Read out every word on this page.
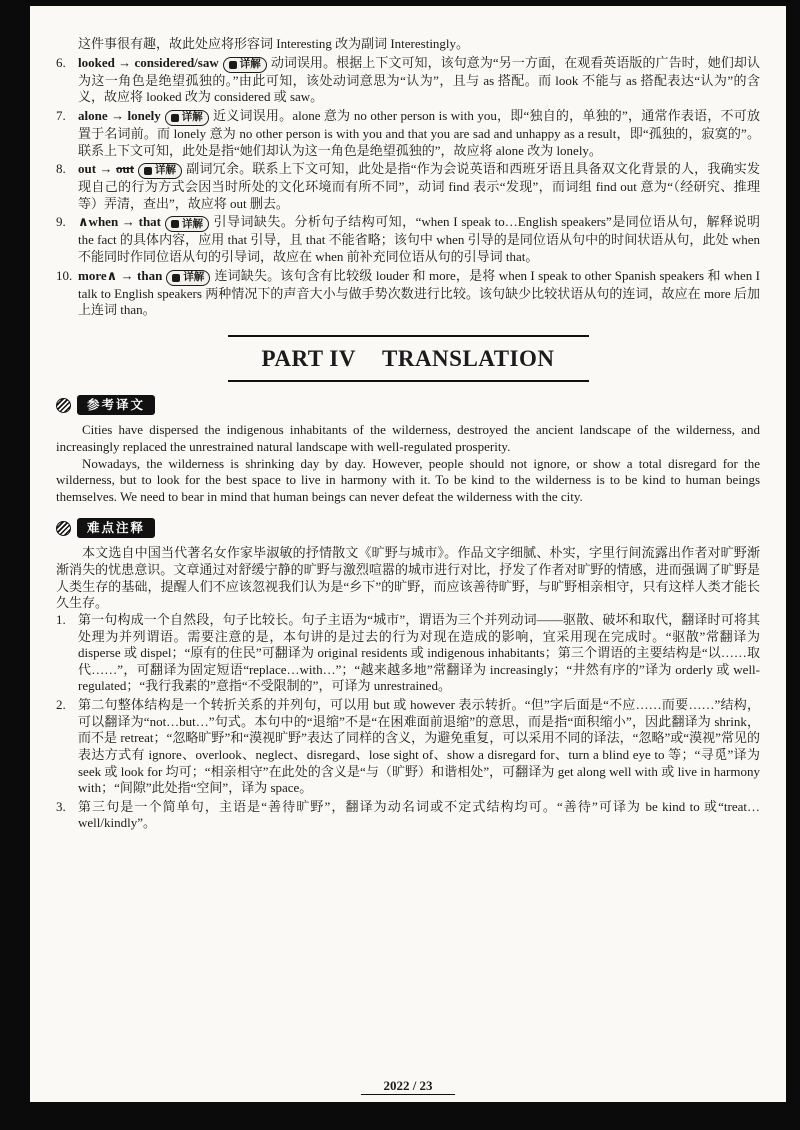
这件事很有趣，故此处应将形容词 Interesting 改为副词 Interestingly。

6. looked → considered/saw 详解 动词误用。根据上下文可知，该句意为“另一方面，在观看英语版的广告时，她们却认为这一角色是绝望孤独的。”由此可知，该处动词意思为“认为”，且与 as 搭配。而 look 不能与 as 搭配表达“认为”的含义，故应将 looked 改为 considered 或 saw。
7. alone → lonely 详解 近义词误用。alone 意为 no other person is with you，即“独自的，单独的”，通常作表语，不可放置于名词前。而 lonely 意为 no other person is with you and that you are sad and unhappy as a result，即“孤独的，寂寞的”。联系上下文可知，此处是指“她们却认为这一角色是绝望孤独的”，故应将 alone 改为 lonely。
8. out → out 详解 副词冗余。联系上下文可知，此处是指“作为会说英语和西班牙语且具备双文化背景的人，我确实发现自己的行为方式会因当时所处的文化环境而有所不同”，动词 find 表示“发现”，而词组 find out 意为“（经研究、推理等）弄清，查出”，故应将 out 删去。
9. ∧when → that 详解 引导词缺失。分析句子结构可知，“when I speak to…English speakers”是同位语从句，解释说明 the fact 的具体内容，应用 that 引导，且 that 不能省略；该句中 when 引导的是同位语从句中的时间状语从句，此处 when 不能同时作同位语从句的引导词，故应在 when 前补充同位语从句的引导词 that。
10. more∧ → than 详解 连词缺失。该句含有比较级 louder 和 more，是将 when I speak to other Spanish speakers 和 when I talk to English speakers 两种情况下的声音大小与做手势次数进行比较。该句缺少比较状语从句的连词，故应在 more 后加上连词 than。
PART IV TRANSLATION
参考译文

Cities have dispersed the indigenous inhabitants of the wilderness, destroyed the ancient landscape of the wilderness, and increasingly replaced the unrestrained natural landscape with well-regulated prosperity.

Nowadays, the wilderness is shrinking day by day. However, people should not ignore, or show a total disregard for the wilderness, but to look for the best space to live in harmony with it. To be kind to the wilderness is to be kind to human beings themselves. We need to bear in mind that human beings can never defeat the wilderness with the city.

难点注释

本文选自中国当代著名女作家毕淑敏的抒情散文《旷野与城市》。作品文字细腻、朴实，字里行间流露出作者对旷野渐渐消失的忧患意识。文章通过对舒缓宁静的旷野与激烈喧嚣的城市进行对比，抒发了作者对旷野的情感，进而强调了旷野是人类生存的基础，提醒人们不应该忽视我们认为是“乡下”的旷野，而应该善待旷野，与旷野相亲相守，只有这样人类才能长久生存。

1. 第一句构成一个自然段，句子比较长。句子主语为“城市”，谓语为三个并列动词——驱散、破坏和取代，翻译时可将其处理为并列谓语。需要注意的是，本句讲的是过去的行为对现在造成的影响，宜采用现在完成时。“驱散”常翻译为 disperse 或 dispel；“原有的住民”可翻译为 original residents 或 indigenous inhabitants；第三个谓语的主要结构是“以……取代……”，可翻译为固定短语“replace…with…”；“越来越多地”常翻译为 increasingly；“井然有序的”译为 orderly 或 well-regulated；“我行我素的”意指“不受限制的”，可译为 unrestrained。
2. 第二句整体结构是一个转折关系的并列句，可以用 but 或 however 表示转折。“但”字后面是“不应……而要……”结构，可以翻译为“not…but…”句式。本句中的“退缩”不是“在困难面前退缩”的意思，而是指“面积缩小”，因此翻译为 shrink，而不是 retreat；“忽略旷野”和“漠视旷野”表达了同样的含义，为避免重复，可以采用不同的译法，“忽略”或“漠视”常见的表达方式有 ignore、overlook、neglect、disregard、lose sight of、show a disregard for、turn a blind eye to 等；“寻觅”译为 seek 或 look for 均可；“相亲相守”在此处的含义是“与（旷野）和谐相处”，可翻译为 get along well with 或 live in harmony with；“间隙”此处指“空间”，译为 space。
3. 第三句是一个简单句，主语是“善待旷野”，翻译为动名词或不定式结构均可。“善待”可译为 be kind to 或“treat…well/kindly”。
2022 / 23
